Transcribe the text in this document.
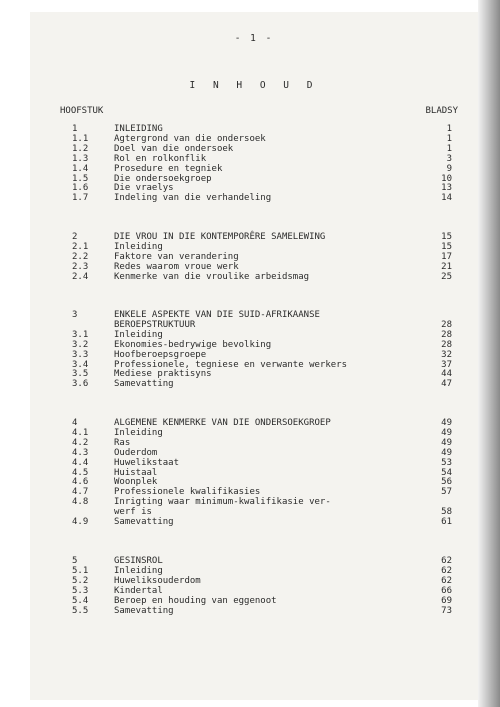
- 1 -
I N H O U D
HOOFSTUK	BLADSY
1	INLEIDING	1
1.1	Agtergrond van die ondersoek	1
1.2	Doel van die ondersoek	1
1.3	Rol en rolkonflik	3
1.4	Prosedure en tegniek	9
1.5	Die ondersoekgroep	10
1.6	Die vraelys	13
1.7	Indeling van die verhandeling	14
2	DIE VROU IN DIE KONTEMPORÊRE SAMELEWING	15
2.1	Inleiding	15
2.2	Faktore van verandering	17
2.3	Redes waarom vroue werk	21
2.4	Kenmerke van die vroulike arbeidsmag	25
3	ENKELE ASPEKTE VAN DIE SUID-AFRIKAANSE
BEROEPSTRUKTUUR	28
3.1	Inleiding	28
3.2	Ekonomies-bedrywige bevolking	28
3.3	Hoofberoepsgroepe	32
3.4	Professionele, tegniese en verwante werkers	37
3.5	Mediese praktisyns	44
3.6	Samevatting	47
4	ALGEMENE KENMERKE VAN DIE ONDERSOEKGROEP	49
4.1	Inleiding	49
4.2	Ras	49
4.3	Ouderdom	49
4.4	Huwelikstaat	53
4.5	Huistaal	54
4.6	Woonplek	56
4.7	Professionele kwalifikasies	57
4.8	Inrigting waar minimum-kwalifikasie ver-
werf is	58
4.9	Samevatting	61
5	GESINSROL	62
5.1	Inleiding	62
5.2	Huweliksouderdom	62
5.3	Kindertal	66
5.4	Beroep en houding van eggenoot	69
5.5	Samevatting	73
